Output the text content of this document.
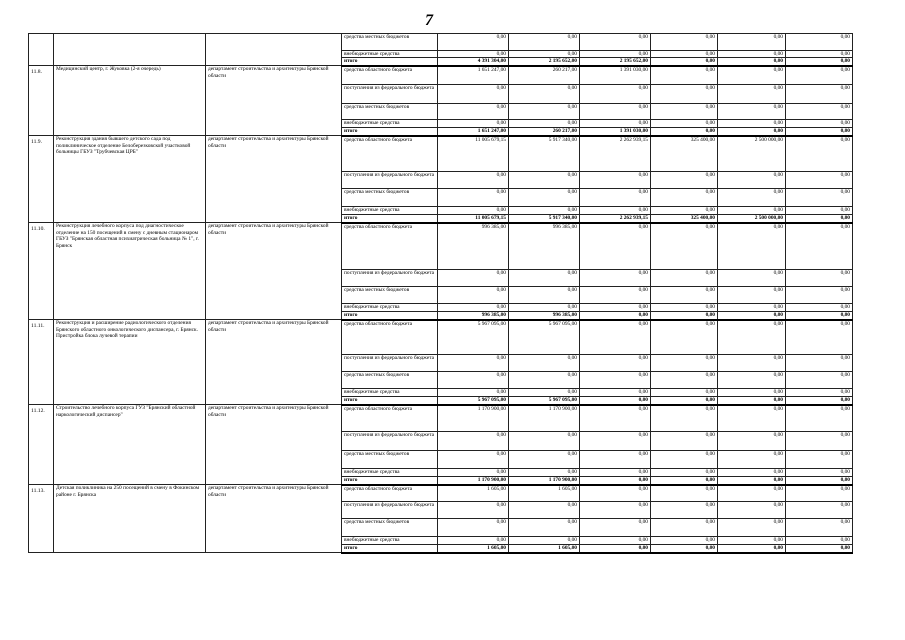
7
			средства местных бюджетов	0,00	0,00	0,00	0,00	0,00	0,00
			внебюджетные средства	0,00	0,00	0,00	0,00	0,00	0,00
			итого	4 391 304,00	2 195 652,00	2 195 652,00	0,00	0,00	0,00
11.8.	Медицинский центр, г. Жуковка (2-я очередь)	департамент строительства и архитектуры Брянской области	средства областного бюджета	1 651 247,00	260 217,00	1 391 030,00	0,00	0,00	0,00
			поступления из федерального бюджета	0,00	0,00	0,00	0,00	0,00	0,00
			средства местных бюджетов	0,00	0,00	0,00	0,00	0,00	0,00
			внебюджетные средства	0,00	0,00	0,00	0,00	0,00	0,00
			итого	1 651 247,00	260 217,00	1 391 030,00	0,00	0,00	0,00
11.9.	Реконструкция здания бывшего детского сада под поликлиническое отделение Белоберезковской участковой больницы ГБУЗ "Трубчевская ЦРБ"	департамент строительства и архитектуры Брянской области	средства областного бюджета	11 005 679,15	5 917 340,00	2 262 939,15	325 400,00	2 500 000,00	0,00
			поступления из федерального бюджета	0,00	0,00	0,00	0,00	0,00	0,00
			средства местных бюджетов	0,00	0,00	0,00	0,00	0,00	0,00
			внебюджетные средства	0,00	0,00	0,00	0,00	0,00	0,00
			итого	11 005 679,15	5 917 340,00	2 262 939,15	325 400,00	2 500 000,00	0,00
11.10.	Реконструкция лечебного корпуса под диагностическое отделение на 150 посещений в смену с дневным стационаром ГБУЗ "Брянская областная психиатрическая больница № 1", г. Брянск	департамент строительства и архитектуры Брянской области	средства областного бюджета	996 385,00	996 385,00	0,00	0,00	0,00	0,00
			поступления из федерального бюджета	0,00	0,00	0,00	0,00	0,00	0,00
			средства местных бюджетов	0,00	0,00	0,00	0,00	0,00	0,00
			внебюджетные средства	0,00	0,00	0,00	0,00	0,00	0,00
			итого	996 385,00	996 385,00	0,00	0,00	0,00	0,00
11.11.	Реконструкция и расширение радиологического отделения Брянского областного онкологического диспансера, г. Брянск. Пристройка блока лучевой терапии	департамент строительства и архитектуры Брянской области	средства областного бюджета	5 967 095,00	5 967 095,00	0,00	0,00	0,00	0,00
			поступления из федерального бюджета	0,00	0,00	0,00	0,00	0,00	0,00
			средства местных бюджетов	0,00	0,00	0,00	0,00	0,00	0,00
			внебюджетные средства	0,00	0,00	0,00	0,00	0,00	0,00
			итого	5 967 095,00	5 967 095,00	0,00	0,00	0,00	0,00
11.12.	Строительство лечебного корпуса ГУЗ "Брянский областной наркологический диспансер"	департамент строительства и архитектуры Брянской области	средства областного бюджета	1 170 900,00	1 170 900,00	0,00	0,00	0,00	0,00
			поступления из федерального бюджета	0,00	0,00	0,00	0,00	0,00	0,00
			средства местных бюджетов	0,00	0,00	0,00	0,00	0,00	0,00
			внебюджетные средства	0,00	0,00	0,00	0,00	0,00	0,00
			итого	1 170 900,00	1 170 900,00	0,00	0,00	0,00	0,00
11.13.	Детская поликлиника на 250 посещений в смену в Фокинском районе г. Брянска	департамент строительства и архитектуры Брянской области	средства областного бюджета	1 605,00	1 605,00	0,00	0,00	0,00	0,00
			поступления из федерального бюджета	0,00	0,00	0,00	0,00	0,00	0,00
			средства местных бюджетов	0,00	0,00	0,00	0,00	0,00	0,00
			внебюджетные средства	0,00	0,00	0,00	0,00	0,00	0,00
			итого	1 605,00	1 605,00	0,00	0,00	0,00	0,00
